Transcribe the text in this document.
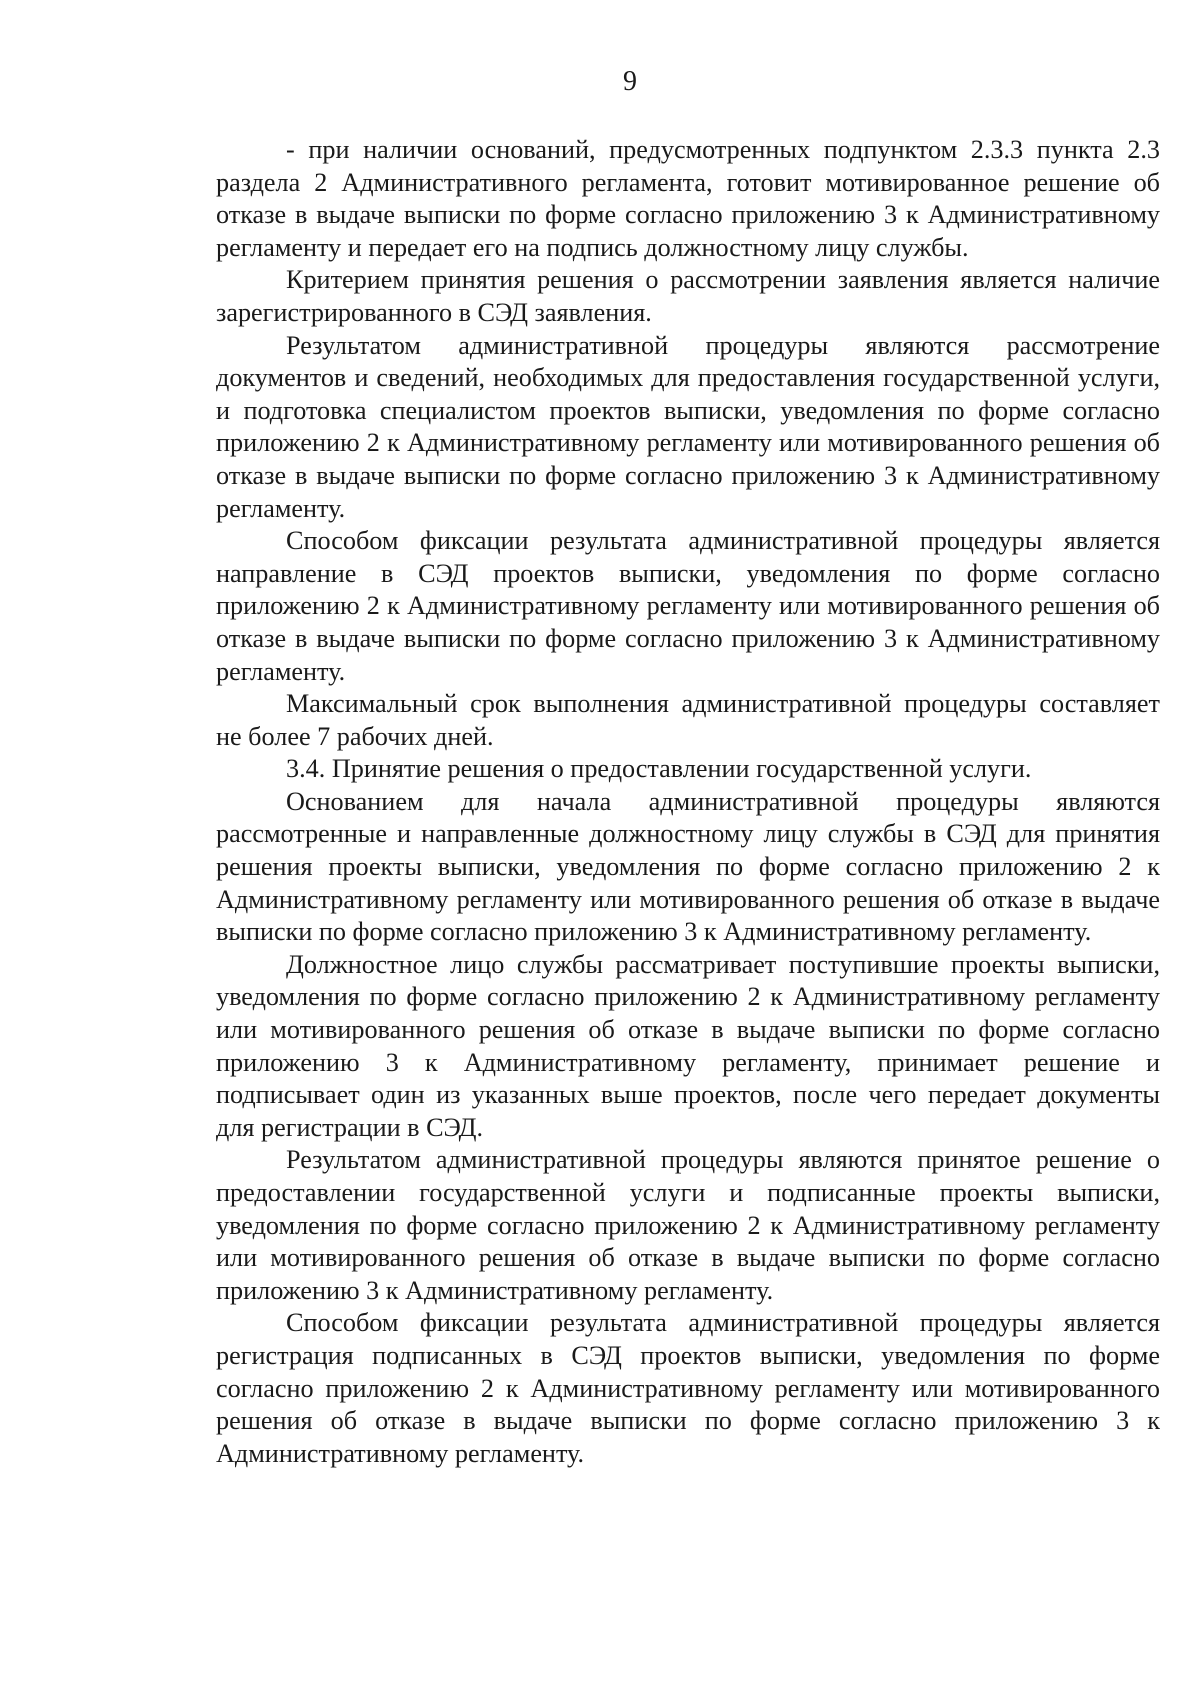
9

- при наличии оснований, предусмотренных подпунктом 2.3.3 пункта 2.3 раздела 2 Административного регламента, готовит мотивированное решение об отказе в выдаче выписки по форме согласно приложению 3 к Административному регламенту и передает его на подпись должностному лицу службы.

Критерием принятия решения о рассмотрении заявления является наличие зарегистрированного в СЭД заявления.

Результатом административной процедуры являются рассмотрение документов и сведений, необходимых для предоставления государственной услуги, и подготовка специалистом проектов выписки, уведомления по форме согласно приложению 2 к Административному регламенту или мотивированного решения об отказе в выдаче выписки по форме согласно приложению 3 к Административному регламенту.

Способом фиксации результата административной процедуры является направление в СЭД проектов выписки, уведомления по форме согласно приложению 2 к Административному регламенту или мотивированного решения об отказе в выдаче выписки по форме согласно приложению 3 к Административному регламенту.

Максимальный срок выполнения административной процедуры составляет не более 7 рабочих дней.

3.4. Принятие решения о предоставлении государственной услуги.

Основанием для начала административной процедуры являются рассмотренные и направленные должностному лицу службы в СЭД для принятия решения проекты выписки, уведомления по форме согласно приложению 2 к Административному регламенту или мотивированного решения об отказе в выдаче выписки по форме согласно приложению 3 к Административному регламенту.

Должностное лицо службы рассматривает поступившие проекты выписки, уведомления по форме согласно приложению 2 к Административному регламенту или мотивированного решения об отказе в выдаче выписки по форме согласно приложению 3 к Административному регламенту, принимает решение и подписывает один из указанных выше проектов, после чего передает документы для регистрации в СЭД.

Результатом административной процедуры являются принятое решение о предоставлении государственной услуги и подписанные проекты выписки, уведомления по форме согласно приложению 2 к Административному регламенту или мотивированного решения об отказе в выдаче выписки по форме согласно приложению 3 к Административному регламенту.

Способом фиксации результата административной процедуры является регистрация подписанных в СЭД проектов выписки, уведомления по форме согласно приложению 2 к Административному регламенту или мотивированного решения об отказе в выдаче выписки по форме согласно приложению 3 к Административному регламенту.
